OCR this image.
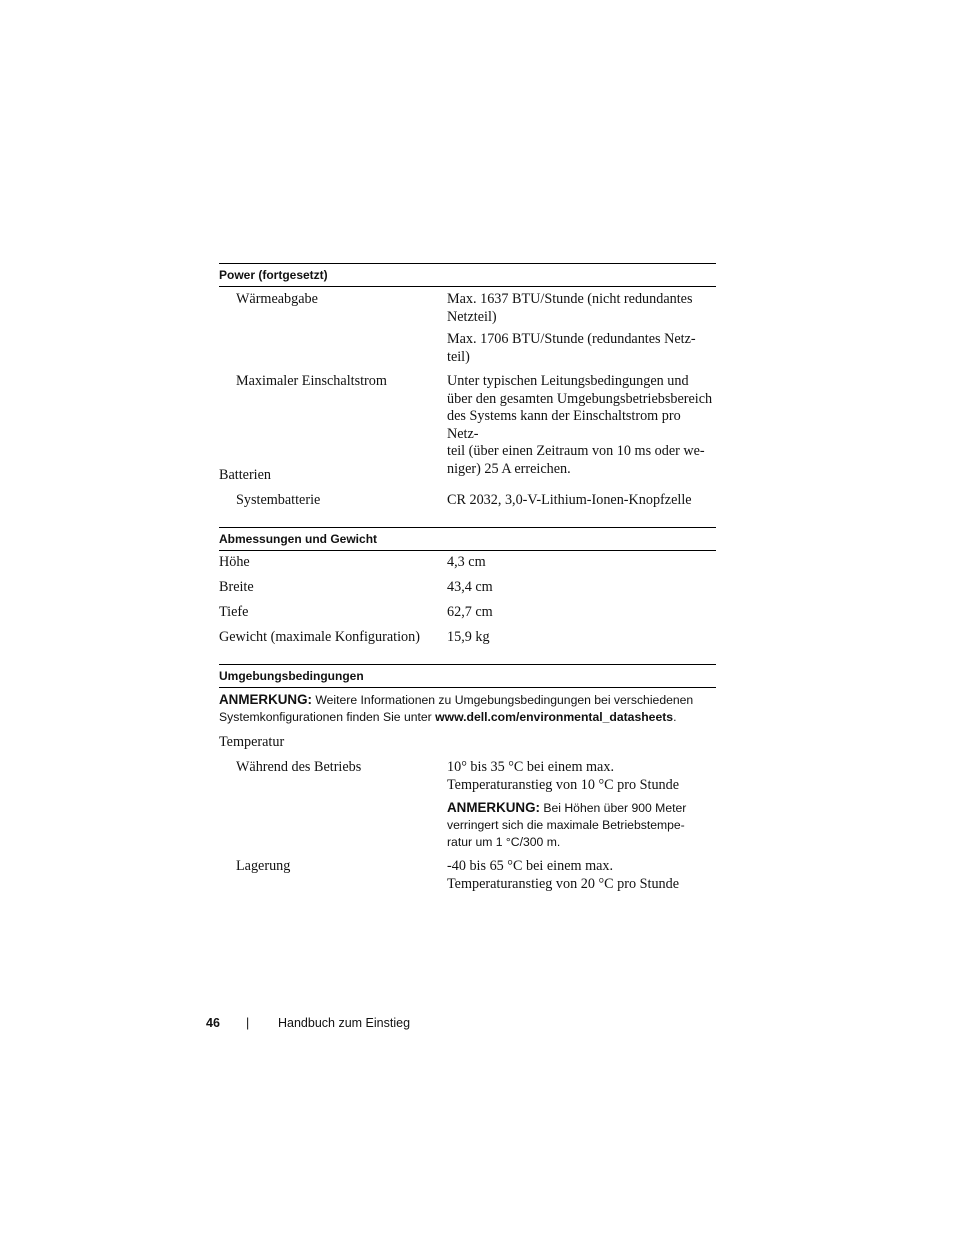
Power (fortgesetzt)
Wärmeabgabe	Max. 1637 BTU/Stunde (nicht redundantes
Netzteil)
Max. 1706 BTU/Stunde (redundantes Netz-
teil)
Maximaler Einschaltstrom	Unter typischen Leitungsbedingungen und
über den gesamten Umgebungsbetriebsbereich
des Systems kann der Einschaltstrom pro Netz-
teil (über einen Zeitraum von 10 ms oder we-
niger) 25 A erreichen.
Batterien
Systembatterie	CR 2032, 3,0-V-Lithium-Ionen-Knopfzelle
Abmessungen und Gewicht
Höhe	4,3 cm
Breite	43,4 cm
Tiefe	62,7 cm
Gewicht (maximale Konfiguration) 15,9 kg
Umgebungsbedingungen
ANMERKUNG: Weitere Informationen zu Umgebungsbedingungen bei verschiedenen
Systemkonfigurationen finden Sie unter www.dell.com/environmental_datasheets.
Temperatur
Während des Betriebs	10° bis 35 °C bei einem max.
Temperaturanstieg von 10 °C pro Stunde
ANMERKUNG: Bei Höhen über 900 Meter
verringert sich die maximale Betriebstempe-
ratur um 1 °C/300 m.
Lagerung	-40 bis 65 °C bei einem max.
Temperaturanstieg von 20 °C pro Stunde
46 | Handbuch zum Einstieg
